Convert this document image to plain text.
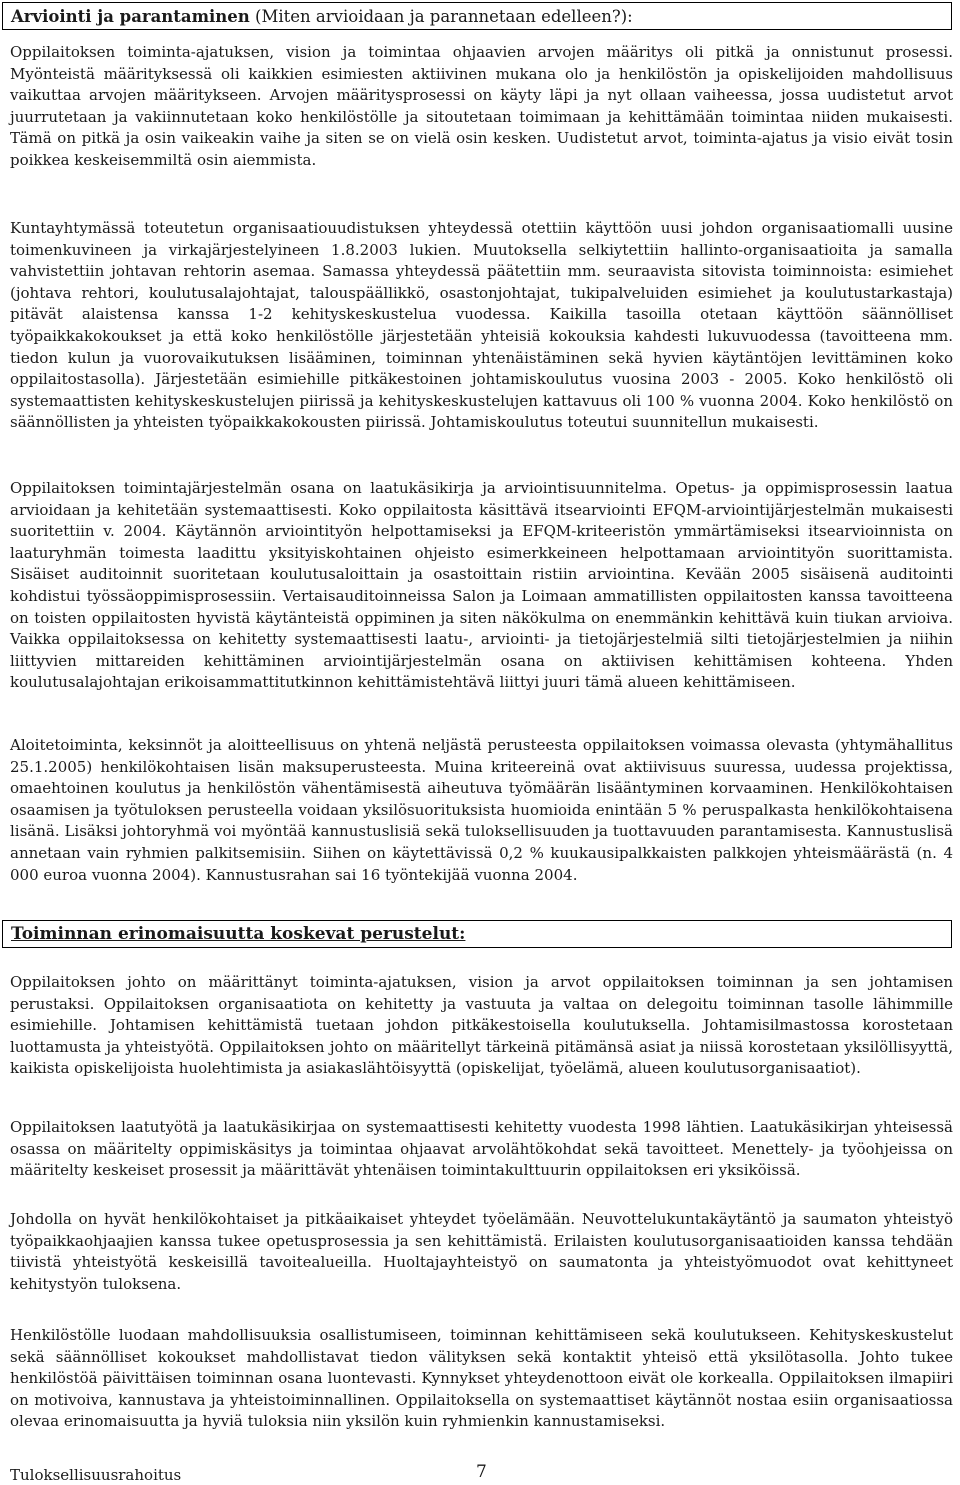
Arviointi ja parantaminen (Miten arvioidaan ja parannetaan edelleen?):

Oppilaitoksen toiminta-ajatuksen, vision ja toimintaa ohjaavien arvojen määritys oli pitkä ja onnistunut prosessi. Myönteistä määrityksessä oli kaikkien esimiesten aktiivinen mukana olo ja henkilöstön ja opiskelijoiden mahdollisuus vaikuttaa arvojen määritykseen. Arvojen määritysprosessi on käyty läpi ja nyt ollaan vaiheessa, jossa uudistetut arvot juurrutetaan ja vakiinnutetaan koko henkilöstölle ja sitoutetaan toimimaan ja kehittämään toimintaa niiden mukaisesti. Tämä on pitkä ja osin vaikeakin vaihe ja siten se on vielä osin kesken. Uudistetut arvot, toiminta-ajatus ja visio eivät tosin poikkea keskeisemmiltä osin aiemmista.

Kuntayhtymässä toteutetun organisaatiouudistuksen yhteydessä otettiin käyttöön uusi johdon organisaatiomalli uusine toimenkuvineen ja virkajärjestelyineen 1.8.2003 lukien. Muutoksella selkiytettiin hallinto-organisaatioita ja samalla vahvistettiin johtavan rehtorin asemaa. Samassa yhteydessä päätettiin mm. seuraavista sitovista toiminnoista: esimiehet (johtava rehtori, koulutusalajohtajat, talouspäällikkö, osastonjohtajat, tukipalveluiden esimiehet ja koulutustarkastaja) pitävät alaistensa kanssa 1-2 kehityskeskustelua vuodessa. Kaikilla tasoilla otetaan käyttöön säännölliset työpaikkakokoukset ja että koko henkilöstölle järjestetään yhteisiä kokouksia kahdesti lukuvuodessa (tavoitteena mm. tiedon kulun ja vuorovaikutuksen lisääminen, toiminnan yhtenäistäminen sekä hyvien käytäntöjen levittäminen koko oppilaitostasolla). Järjestetään esimiehille pitkäkestoinen johtamiskoulutus vuosina 2003 - 2005. Koko henkilöstö oli systemaattisten kehityskeskustelujen piirissä ja kehityskeskustelujen kattavuus oli 100 % vuonna 2004. Koko henkilöstö on säännöllisten ja yhteisten työpaikkakokousten piirissä. Johtamiskoulutus toteutui suunnitellun mukaisesti.

Oppilaitoksen toimintajärjestelmän osana on laatukäsikirja ja arviointisuunnitelma. Opetus- ja oppimisprosessin laatua arvioidaan ja kehitetään systemaattisesti. Koko oppilaitosta käsittävä itsearviointi EFQM-arviointijärjestelmän mukaisesti suoritettiin v. 2004. Käytännön arviointityön helpottamiseksi ja EFQM-kriteeristön ymmärtämiseksi itsearvioinnista on laaturyhmän toimesta laadittu yksityiskohtainen ohjeisto esimerkkeineen helpottamaan arviointityön suorittamista. Sisäiset auditoinnit suoritetaan koulutusaloittain ja osastoittain ristiin arviointina. Kevään 2005 sisäisenä auditointi kohdistui työssäoppimisprosessiin. Vertaisauditoinneissa Salon ja Loimaan ammatillisten oppilaitosten kanssa tavoitteena on toisten oppilaitosten hyvistä käytänteistä oppiminen ja siten näkökulma on enemmänkin kehittävä kuin tiukan arvioiva. Vaikka oppilaitoksessa on kehitetty systemaattisesti laatu-, arviointi- ja tietojärjestelmiä silti tietojärjestelmien ja niihin liittyvien mittareiden kehittäminen arviointijärjestelmän osana on aktiivisen kehittämisen kohteena. Yhden koulutusalajohtajan erikoisammattitutkinnon kehittämistehtävä liittyi juuri tämä alueen kehittämiseen.

Aloitetoiminta, keksinnöt ja aloitteellisuus on yhtenä neljästä perusteesta oppilaitoksen voimassa olevasta (yhtymähallitus 25.1.2005) henkilökohtaisen lisän maksuperusteesta. Muina kriteereinä ovat aktiivisuus suuressa, uudessa projektissa, omaehtoinen koulutus ja henkilöstön vähentämisestä aiheutuva työmäärän lisääntyminen korvaaminen. Henkilökohtaisen osaamisen ja työtuloksen perusteella voidaan yksilösuorituksista huomioida enintään 5 % peruspalkasta henkilökohtaisena lisänä. Lisäksi johtoryhmä voi myöntää kannustuslisiä sekä tuloksellisuuden ja tuottavuuden parantamisesta. Kannustuslisä annetaan vain ryhmien palkitsemisiin. Siihen on käytettävissä 0,2 % kuukausipalkkaisten palkkojen yhteismäärästä (n. 4 000 euroa vuonna 2004). Kannustusrahan sai 16 työntekijää vuonna 2004.

Toiminnan erinomaisuutta koskevat perustelut:

Oppilaitoksen johto on määrittänyt toiminta-ajatuksen, vision ja arvot oppilaitoksen toiminnan ja sen johtamisen perustaksi. Oppilaitoksen organisaatiota on kehitetty ja vastuuta ja valtaa on delegoitu toiminnan tasolle lähimmille esimiehille. Johtamisen kehittämistä tuetaan johdon pitkäkestoisella koulutuksella. Johtamisilmastossa korostetaan luottamusta ja yhteistyötä. Oppilaitoksen johto on määritellyt tärkeinä pitämänsä asiat ja niissä korostetaan yksilöllisyyttä, kaikista opiskelijoista huolehtimista ja asiakaslähtöisyyttä (opiskelijat, työelämä, alueen koulutusorganisaatiot).

Oppilaitoksen laatutyötä ja laatukäsikirjaa on systemaattisesti kehitetty vuodesta 1998 lähtien. Laatukäsikirjan yhteisessä osassa on määritelty oppimiskäsitys ja toimintaa ohjaavat arvolähtökohdat sekä tavoitteet. Menettely- ja työohjeissa on määritelty keskeiset prosessit ja määrittävät yhtenäisen toimintakulttuurin oppilaitoksen eri yksiköissä.

Johdolla on hyvät henkilökohtaiset ja pitkäaikaiset yhteydet työelämään. Neuvottelukuntakäytäntö ja saumaton yhteistyö työpaikkaohjaajien kanssa tukee opetusprosessia ja sen kehittämistä. Erilaisten koulutusorganisaatioiden kanssa tehdään tiivistä yhteistyötä keskeisillä tavoitealueilla. Huoltajayhteistyö on saumatonta ja yhteistyömuodot ovat kehittyneet kehitystyön tuloksena.

Henkilöstölle luodaan mahdollisuuksia osallistumiseen, toiminnan kehittämiseen sekä koulutukseen. Kehityskeskustelut sekä säännölliset kokoukset mahdollistavat tiedon välityksen sekä kontaktit yhteisö että yksilötasolla. Johto tukee henkilöstöä päivittäisen toiminnan osana luontevasti. Kynnykset yhteydenottoon eivät ole korkealla. Oppilaitoksen ilmapiiri on motivoiva, kannustava ja yhteistoiminnallinen. Oppilaitoksella on systemaattiset käytännöt nostaa esiin organisaatiossa olevaa erinomaisuutta ja hyviä tuloksia niin yksilön kuin ryhmienkin kannustamiseksi.

Tuloksellisuusrahoitus	7
